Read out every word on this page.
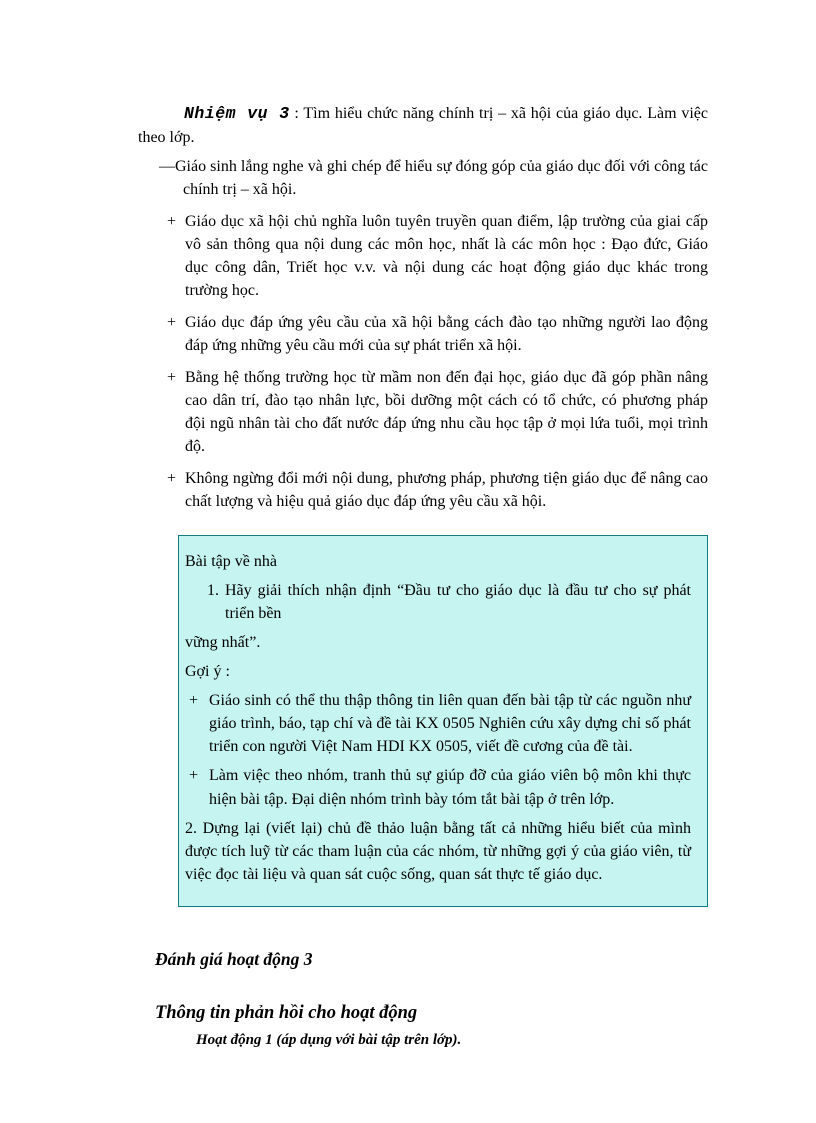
Nhiệm vụ 3 : Tìm hiểu chức năng chính trị – xã hội của giáo dục. Làm việc theo lớp.

—Giáo sinh lắng nghe và ghi chép để hiểu sự đóng góp của giáo dục đối với công tác chính trị – xã hội.

+ Giáo dục xã hội chủ nghĩa luôn tuyên truyền quan điểm, lập trường của giai cấp vô sản thông qua nội dung các môn học, nhất là các môn học : Đạo đức, Giáo dục công dân, Triết học v.v. và nội dung các hoạt động giáo dục khác trong trường học.

+ Giáo dục đáp ứng yêu cầu của xã hội bằng cách đào tạo những người lao động đáp ứng những yêu cầu mới của sự phát triển xã hội.

+ Bằng hệ thống trường học từ mầm non đến đại học, giáo dục đã góp phần nâng cao dân trí, đào tạo nhân lực, bồi dưỡng một cách có tổ chức, có phương pháp đội ngũ nhân tài cho đất nước đáp ứng nhu cầu học tập ở mọi lứa tuổi, mọi trình độ.

+ Không ngừng đổi mới nội dung, phương pháp, phương tiện giáo dục để nâng cao chất lượng và hiệu quả giáo dục đáp ứng yêu cầu xã hội.

Bài tập về nhà

1. Hãy giải thích nhận định “Đầu tư cho giáo dục là đầu tư cho sự phát triển bền

vững nhất”.

Gợi ý :

+ Giáo sinh có thể thu thập thông tin liên quan đến bài tập từ các nguồn như giáo trình, báo, tạp chí và đề tài KX 0505 Nghiên cứu xây dựng chỉ số phát triển con người Việt Nam HDI KX 0505, viết đề cương của đề tài.

+ Làm việc theo nhóm, tranh thủ sự giúp đỡ của giáo viên bộ môn khi thực hiện bài tập. Đại diện nhóm trình bày tóm tắt bài tập ở trên lớp.

2. Dựng lại (viết lại) chủ đề thảo luận bằng tất cả những hiểu biết của mình được tích luỹ từ các tham luận của các nhóm, từ những gợi ý của giáo viên, từ việc đọc tài liệu và quan sát cuộc sống, quan sát thực tế giáo dục.

Đánh giá hoạt động 3

Thông tin phản hồi cho hoạt động

Hoạt động 1 (áp dụng với bài tập trên lớp).
